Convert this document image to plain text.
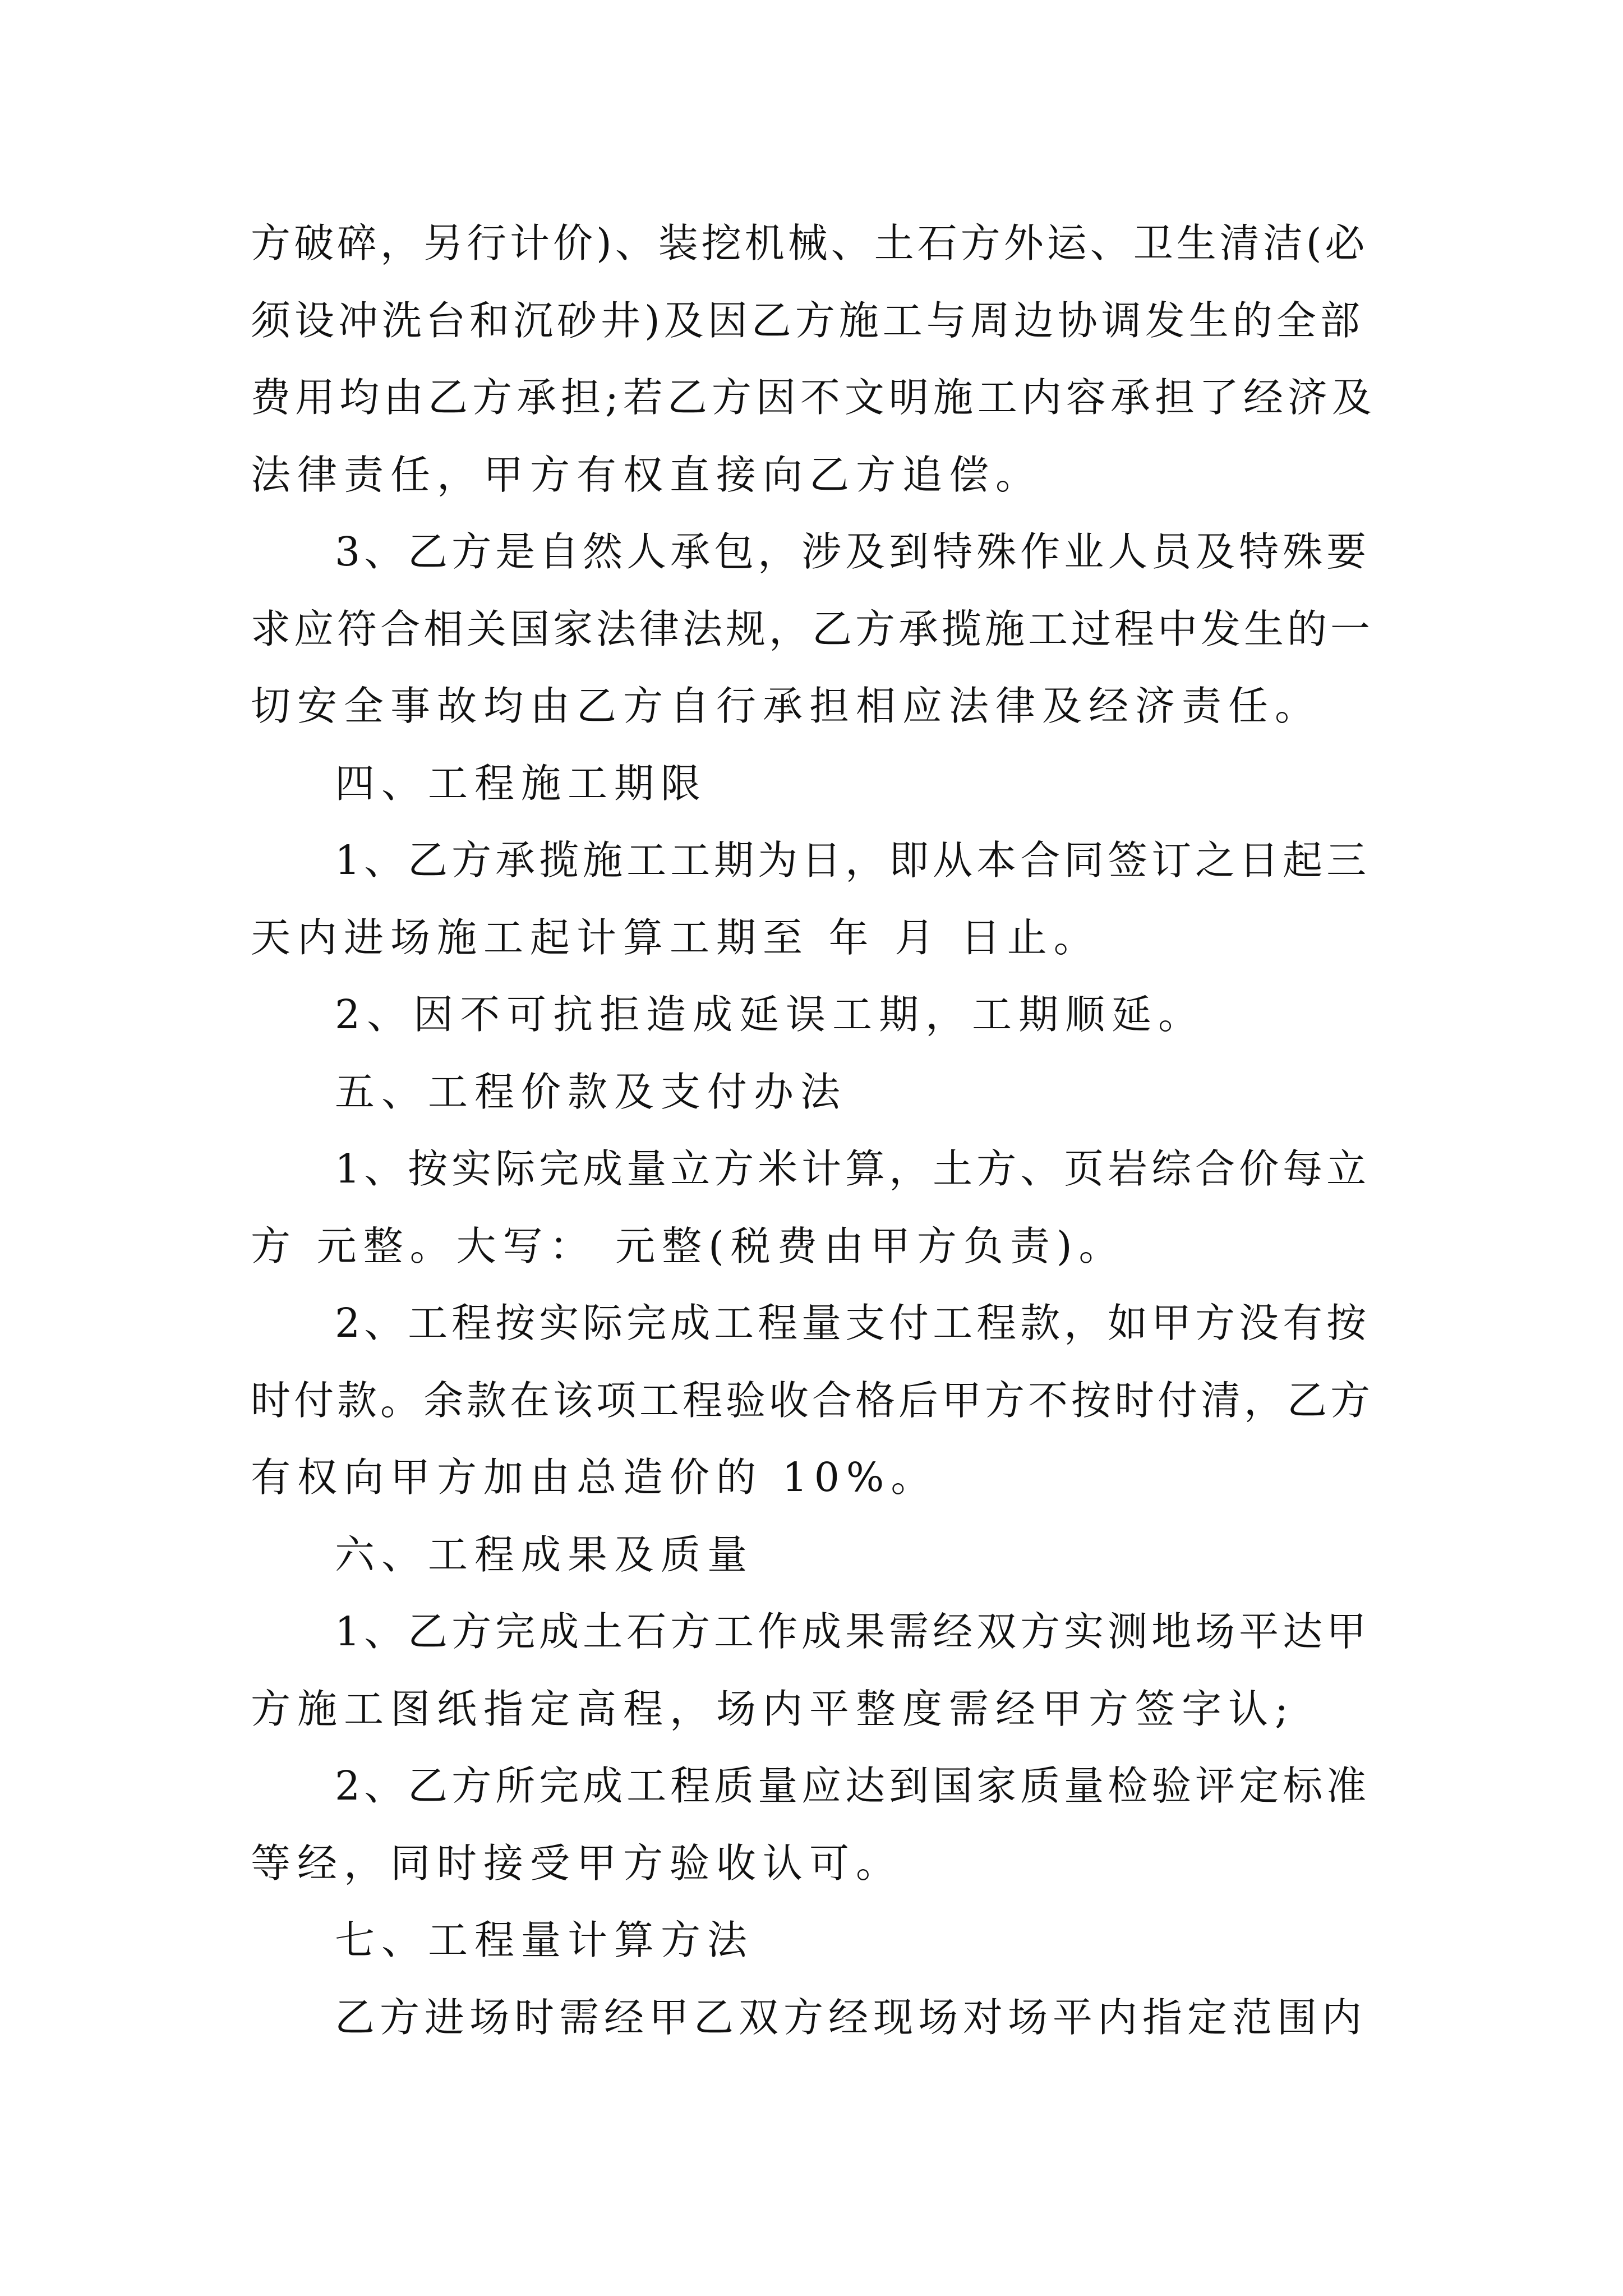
方破碎，另行计价)、装挖机械、土石方外运、卫生清洁(必
须设冲洗台和沉砂井)及因乙方施工与周边协调发生的全部
费用均由乙方承担;若乙方因不文明施工内容承担了经济及
法律责任，甲方有权直接向乙方追偿。
3、乙方是自然人承包，涉及到特殊作业人员及特殊要
求应符合相关国家法律法规，乙方承揽施工过程中发生的一
切安全事故均由乙方自行承担相应法律及经济责任。
四、工程施工期限
1、乙方承揽施工工期为日，即从本合同签订之日起三
天内进场施工起计算工期至 年 月 日止。
2、因不可抗拒造成延误工期，工期顺延。
五、工程价款及支付办法
1、按实际完成量立方米计算，土方、页岩综合价每立
方 元整。大写： 元整(税费由甲方负责)。
2、工程按实际完成工程量支付工程款，如甲方没有按
时付款。余款在该项工程验收合格后甲方不按时付清，乙方
有权向甲方加由总造价的 10%。
六、工程成果及质量
1、乙方完成土石方工作成果需经双方实测地场平达甲
方施工图纸指定高程，场内平整度需经甲方签字认;
2、乙方所完成工程质量应达到国家质量检验评定标准
等经，同时接受甲方验收认可。
七、工程量计算方法
乙方进场时需经甲乙双方经现场对场平内指定范围内
